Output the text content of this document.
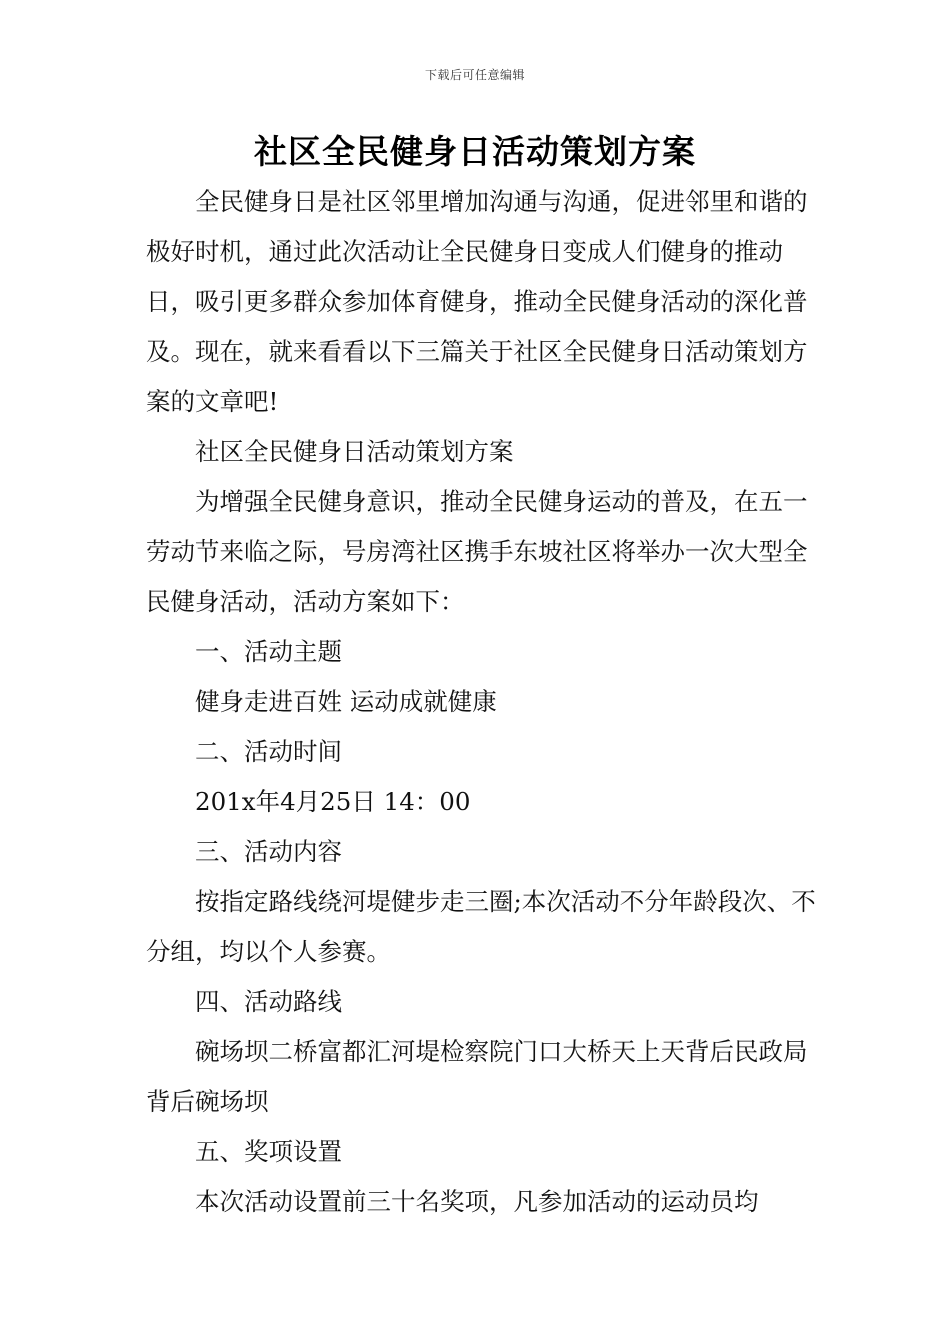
下载后可任意编辑
社区全民健身日活动策划方案

全民健身日是社区邻里增加沟通与沟通，促进邻里和谐的极好时机，通过此次活动让全民健身日变成人们健身的推动日，吸引更多群众参加体育健身，推动全民健身活动的深化普及。现在，就来看看以下三篇关于社区全民健身日活动策划方案的文章吧!

社区全民健身日活动策划方案

为增强全民健身意识，推动全民健身运动的普及，在五一劳动节来临之际，号房湾社区携手东坡社区将举办一次大型全民健身活动，活动方案如下：

一、活动主题

健身走进百姓 运动成就健康

二、活动时间

201x年4月25日 14：00

三、活动内容

按指定路线绕河堤健步走三圈;本次活动不分年龄段次、不分组，均以个人参赛。

四、活动路线

碗场坝二桥富都汇河堤检察院门口大桥天上天背后民政局背后碗场坝

五、奖项设置

本次活动设置前三十名奖项，凡参加活动的运动员均
